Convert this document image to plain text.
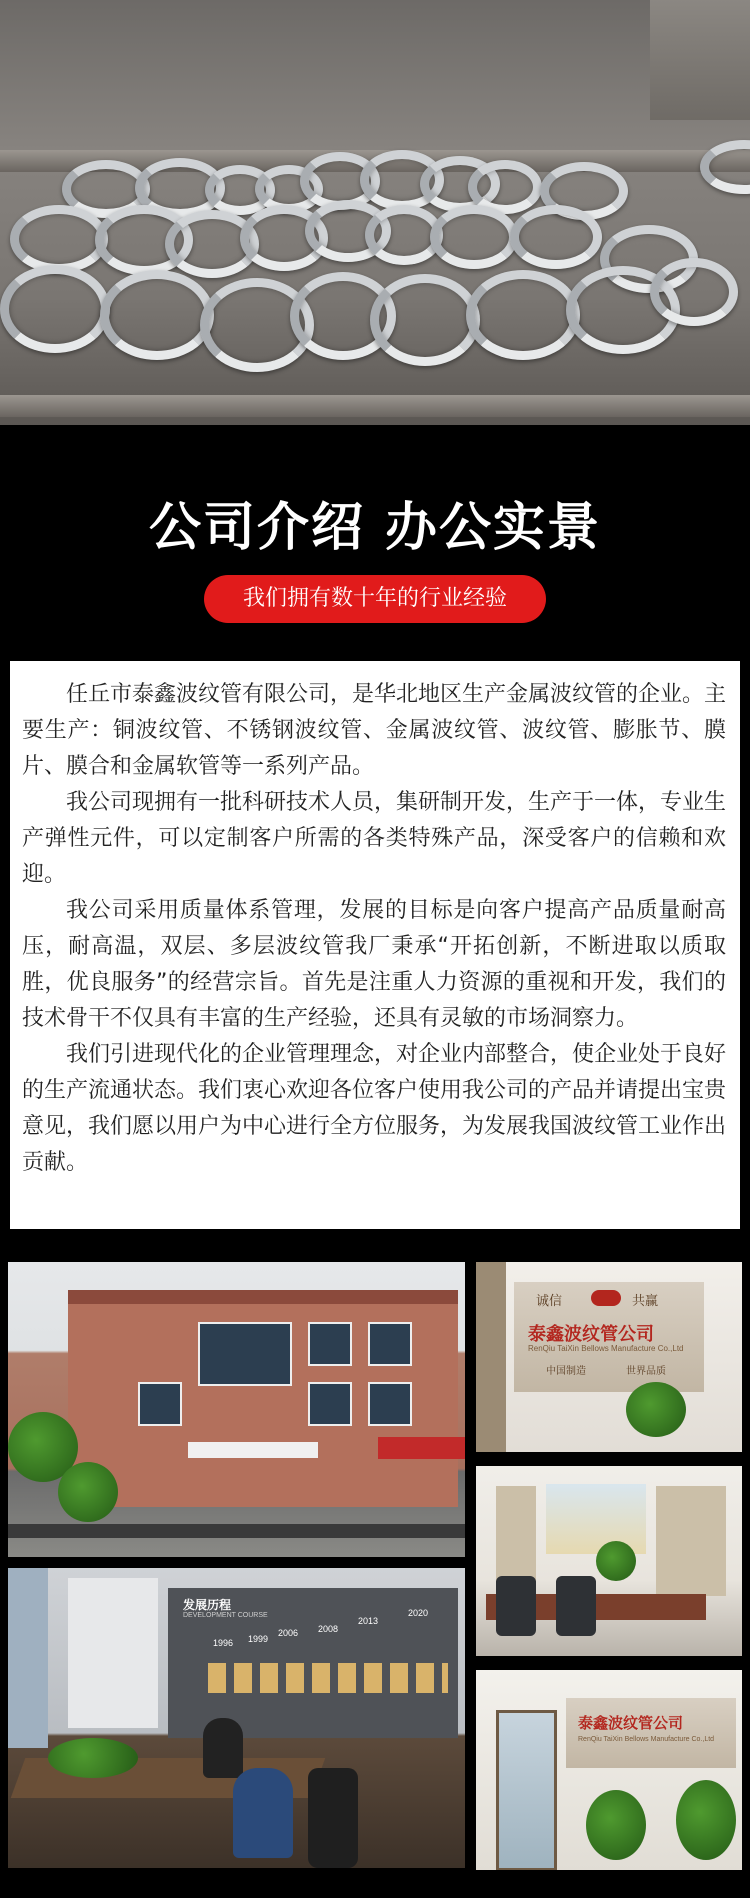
公司介绍 办公实景
我们拥有数十年的行业经验

任丘市泰鑫波纹管有限公司，是华北地区生产金属波纹管的企业。主要生产：铜波纹管、不锈钢波纹管、金属波纹管、波纹管、膨胀节、膜片、膜合和金属软管等一系列产品。

我公司现拥有一批科研技术人员，集研制开发，生产于一体，专业生产弹性元件，可以定制客户所需的各类特殊产品，深受客户的信赖和欢迎。

我公司采用质量体系管理，发展的目标是向客户提高产品质量耐高压，耐高温，双层、多层波纹管我厂秉承“开拓创新，不断进取以质取胜，优良服务”的经营宗旨。首先是注重人力资源的重视和开发，我们的技术骨干不仅具有丰富的生产经验，还具有灵敏的市场洞察力。

我们引进现代化的企业管理理念，对企业内部整合，使企业处于良好的生产流通状态。我们衷心欢迎各位客户使用我公司的产品并请提出宝贵意见，我们愿以用户为中心进行全方位服务，为发展我国波纹管工业作出贡献。

诚信	共赢
泰鑫波纹管公司
RenQiu TaiXin Bellows Manufacture Co.,Ltd
中国制造	世界品质
发展历程
DEVELOPMENT COURSE
1996 1999
2006 2008
2013
2020
泰鑫波纹管公司
RenQiu TaiXin Bellows Manufacture Co.,Ltd
